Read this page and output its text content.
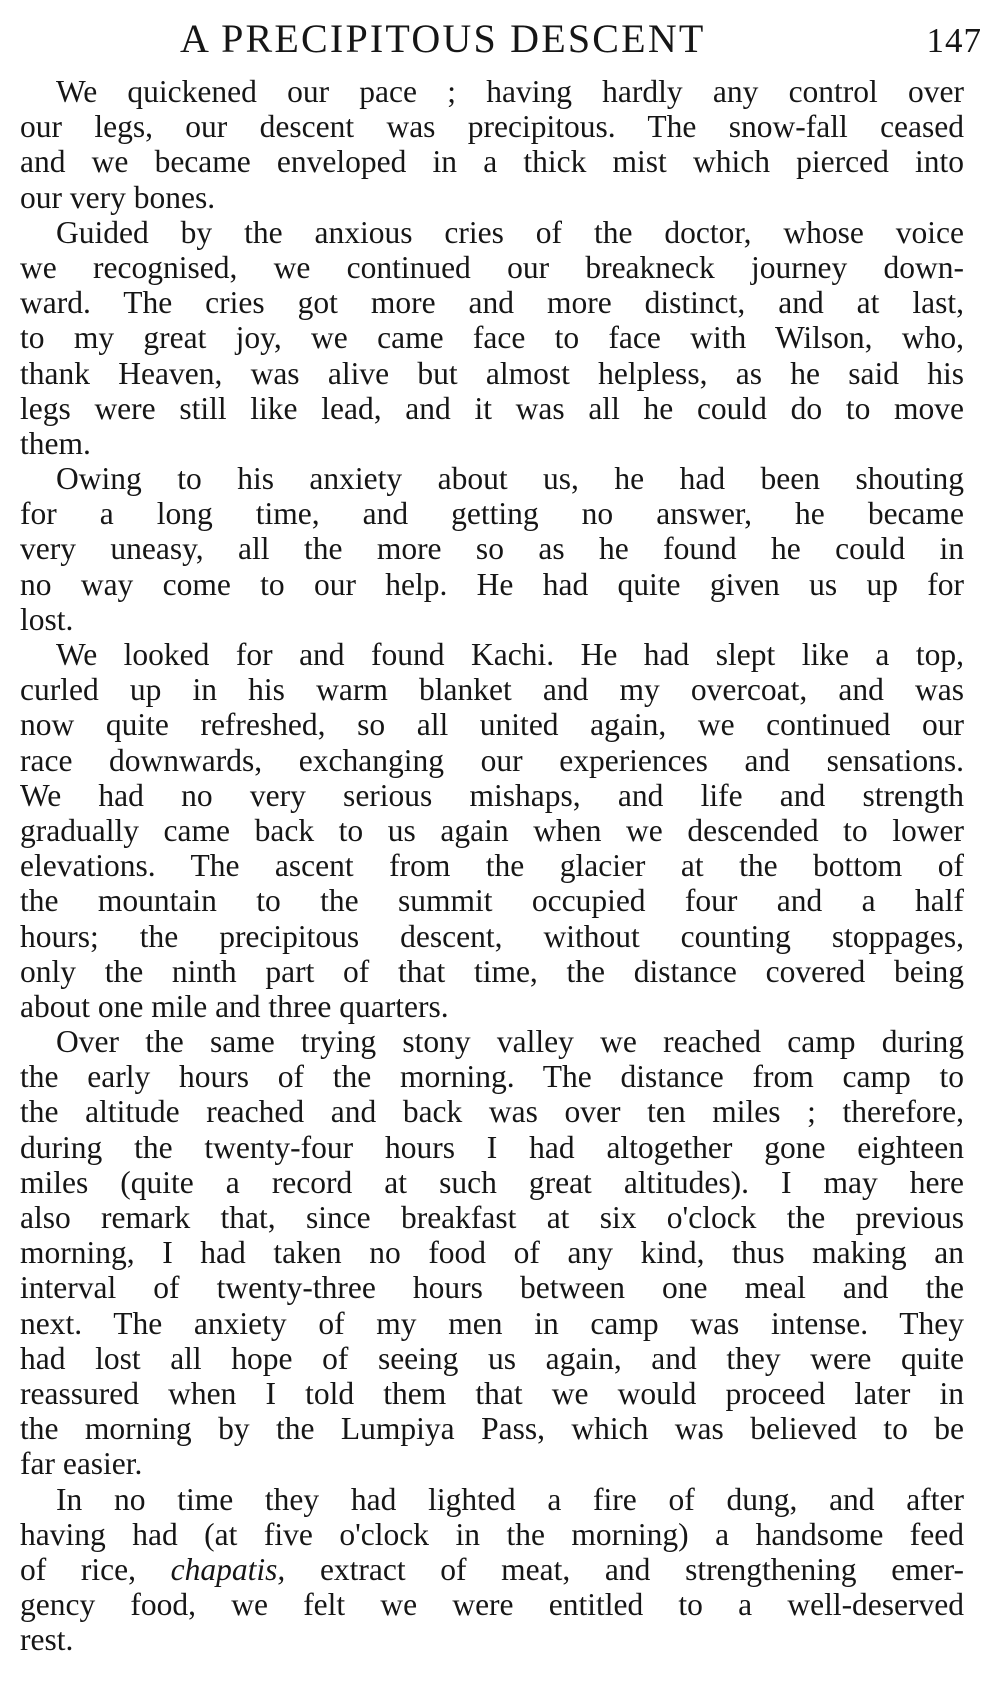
A PRECIPITOUS DESCENT	147
We quickened our pace ; having hardly any control over
our legs, our descent was precipitous. The snow-fall ceased
and we became enveloped in a thick mist which pierced into
our very bones.
Guided by the anxious cries of the doctor, whose voice
we recognised, we continued our breakneck journey down-
ward. The cries got more and more distinct, and at last,
to my great joy, we came face to face with Wilson, who,
thank Heaven, was alive but almost helpless, as he said his
legs were still like lead, and it was all he could do to move
them.
Owing to his anxiety about us, he had been shouting
for a long time, and getting no answer, he became
very uneasy, all the more so as he found he could in
no way come to our help. He had quite given us up for
lost.
We looked for and found Kachi. He had slept like a top,
curled up in his warm blanket and my overcoat, and was
now quite refreshed, so all united again, we continued our
race downwards, exchanging our experiences and sensations.
We had no very serious mishaps, and life and strength
gradually came back to us again when we descended to lower
elevations. The ascent from the glacier at the bottom of
the mountain to the summit occupied four and a half
hours; the precipitous descent, without counting stoppages,
only the ninth part of that time, the distance covered being
about one mile and three quarters.
Over the same trying stony valley we reached camp during
the early hours of the morning. The distance from camp to
the altitude reached and back was over ten miles ; therefore,
during the twenty-four hours I had altogether gone eighteen
miles (quite a record at such great altitudes). I may here
also remark that, since breakfast at six o'clock the previous
morning, I had taken no food of any kind, thus making an
interval of twenty-three hours between one meal and the
next. The anxiety of my men in camp was intense. They
had lost all hope of seeing us again, and they were quite
reassured when I told them that we would proceed later in
the morning by the Lumpiya Pass, which was believed to be
far easier.
In no time they had lighted a fire of dung, and after
having had (at five o'clock in the morning) a handsome feed
of rice, chapatis, extract of meat, and strengthening emer-
gency food, we felt we were entitled to a well-deserved
rest.
